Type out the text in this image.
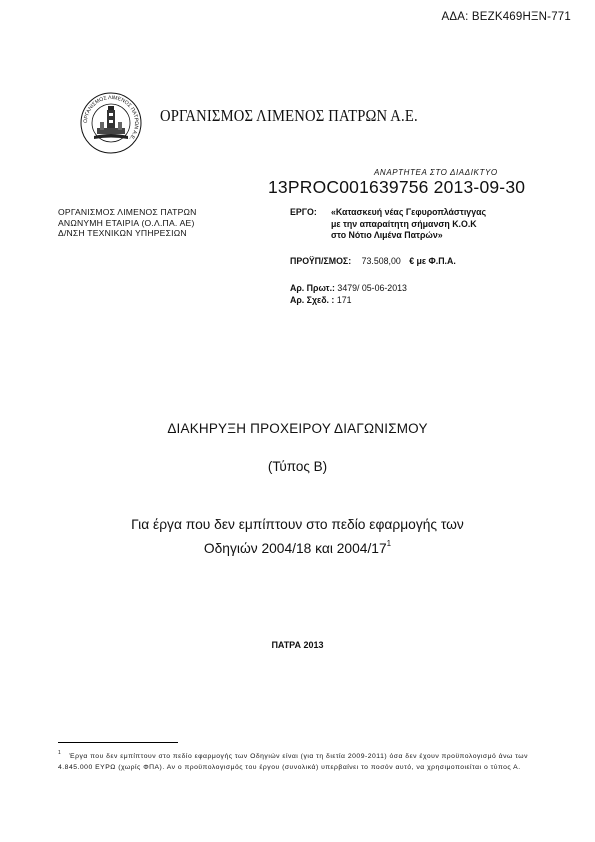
ΑΔΑ: ΒΕΖΚ469ΗΞΝ-771
ΟΡΓΑΝΙΣΜΟΣ ΛΙΜΕΝΟΣ ΠΑΤΡΩΝ Α.Ε.
ΟΡΓΑΝΙΣΜΟΣ ΛΙΜΕΝΟΣ ΠΑΤΡΩΝ Α.Ε.
ΑΝΑΡΤΗΤΕΑ ΣΤΟ ΔΙΑΔΙΚΤΥΟ
13PROC001639756 2013-09-30
ΟΡΓΑΝΙΣΜΟΣ ΛΙΜΕΝΟΣ ΠΑΤΡΩΝ
ΑΝΩΝΥΜΗ ΕΤΑΙΡΙΑ (Ο.Λ.ΠΑ. ΑΕ)
Δ/ΝΣΗ ΤΕΧΝΙΚΩΝ ΥΠΗΡΕΣΙΩΝ
ΕΡΓΟ: «Κατασκευή νέας Γεφυροπλάστιγγας
με την απαραίτητη σήμανση Κ.Ο.Κ
στο Νότιο Λιμένα Πατρών»
ΠΡΟΫΠ/ΣΜΟΣ: 73.508,00 € με Φ.Π.Α.
Αρ. Πρωτ.: 3479/ 05-06-2013
Αρ. Σχεδ. : 171
ΔΙΑΚΗΡΥΞΗ ΠΡΟΧΕΙΡΟΥ ΔΙΑΓΩΝΙΣΜΟΥ
(Τύπος Β)
Για έργα που δεν εμπίπτουν στο πεδίο εφαρμογής των
Οδηγιών 2004/18 και $2004/17^1$
ΠΑΤΡΑ 2013
$^1$ Έργα που δεν εμπίπτουν στο πεδίο εφαρμογής των Οδηγιών είναι (για τη διετία 2009-2011) όσα δεν έχουν προϋπολογισμό άνω των 4.845.000 ΕΥΡΩ (χωρίς ΦΠΑ). Αν ο προϋπολογισμός του έργου (συνολικά) υπερβαίνει το ποσόν αυτό, να χρησιμοποιείται ο τύπος Α.
